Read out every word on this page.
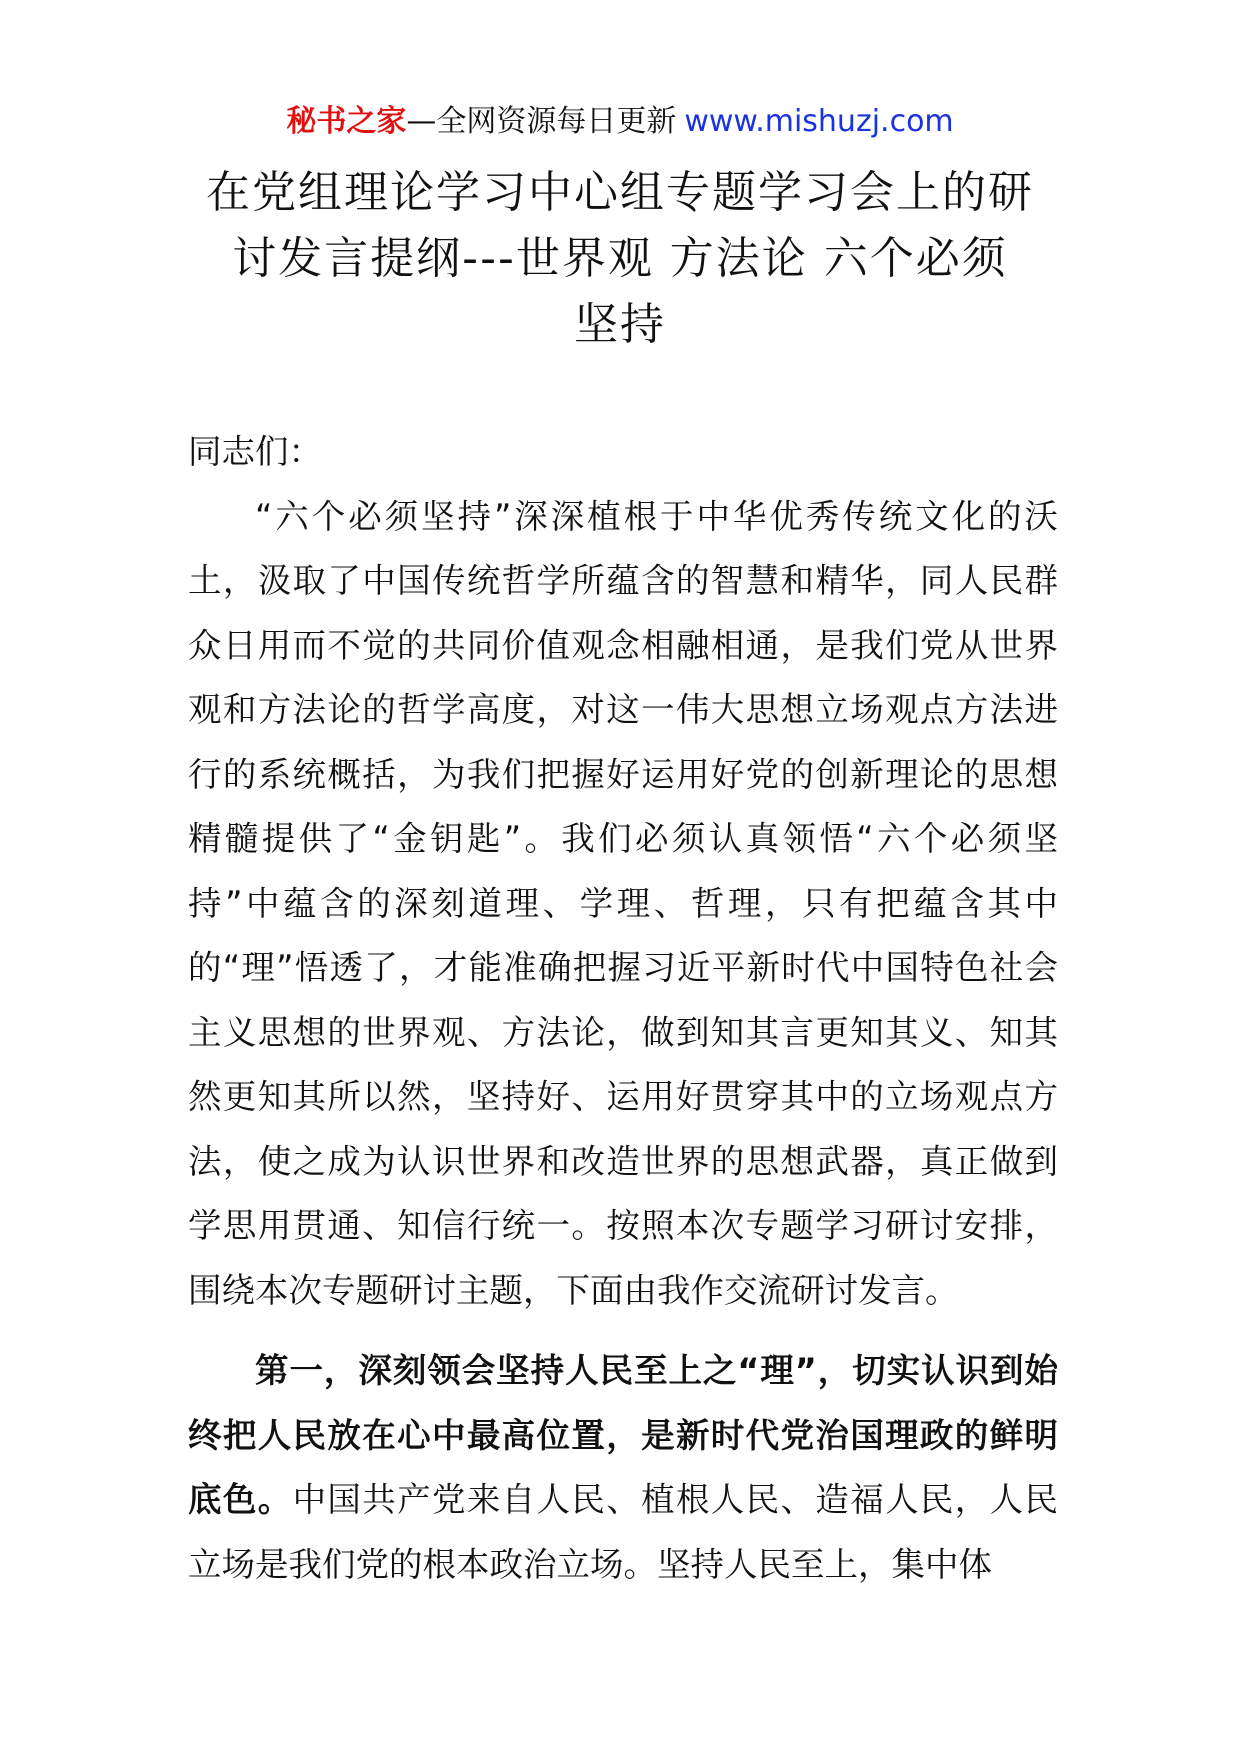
秘书之家—全网资源每日更新 www.mishuzj.com
在党组理论学习中心组专题学习会上的研
讨发言提纲---世界观 方法论 六个必须
坚持

同志们：

“六个必须坚持”深深植根于中华优秀传统文化的沃土，汲取了中国传统哲学所蕴含的智慧和精华，同人民群众日用而不觉的共同价值观念相融相通，是我们党从世界观和方法论的哲学高度，对这一伟大思想立场观点方法进行的系统概括，为我们把握好运用好党的创新理论的思想精髓提供了“金钥匙”。我们必须认真领悟“六个必须坚持”中蕴含的深刻道理、学理、哲理，只有把蕴含其中的“理”悟透了，才能准确把握习近平新时代中国特色社会主义思想的世界观、方法论，做到知其言更知其义、知其然更知其所以然，坚持好、运用好贯穿其中的立场观点方法，使之成为认识世界和改造世界的思想武器，真正做到学思用贯通、知信行统一。按照本次专题学习研讨安排，围绕本次专题研讨主题，下面由我作交流研讨发言。

第一，深刻领会坚持人民至上之“理”，切实认识到始终把人民放在心中最高位置，是新时代党治国理政的鲜明底色。中国共产党来自人民、植根人民、造福人民，人民立场是我们党的根本政治立场。坚持人民至上，集中体
